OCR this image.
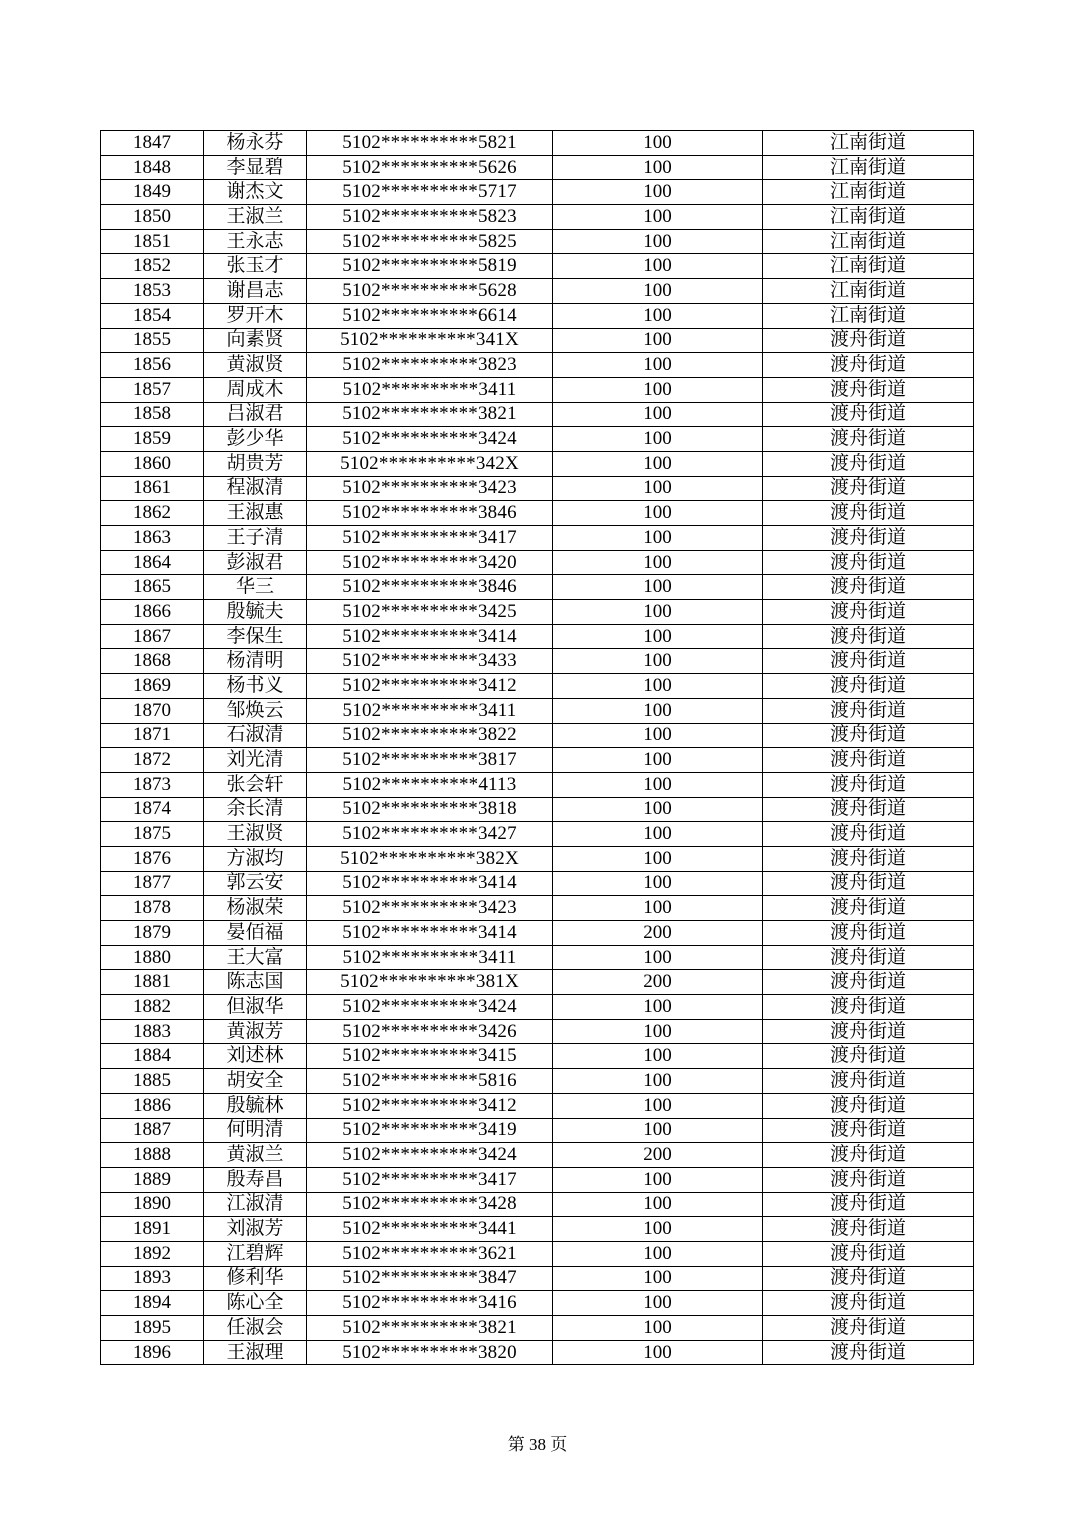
1847	杨永芬	5102**********5821	100	江南街道
1848	李显碧	5102**********5626	100	江南街道
1849	谢杰文	5102**********5717	100	江南街道
1850	王淑兰	5102**********5823	100	江南街道
1851	王永志	5102**********5825	100	江南街道
1852	张玉才	5102**********5819	100	江南街道
1853	谢昌志	5102**********5628	100	江南街道
1854	罗开木	5102**********6614	100	江南街道
1855	向素贤	5102**********341X	100	渡舟街道
1856	黄淑贤	5102**********3823	100	渡舟街道
1857	周成木	5102**********3411	100	渡舟街道
1858	吕淑君	5102**********3821	100	渡舟街道
1859	彭少华	5102**********3424	100	渡舟街道
1860	胡贵芳	5102**********342X	100	渡舟街道
1861	程淑清	5102**********3423	100	渡舟街道
1862	王淑惠	5102**********3846	100	渡舟街道
1863	王子清	5102**********3417	100	渡舟街道
1864	彭淑君	5102**********3420	100	渡舟街道
1865	华三	5102**********3846	100	渡舟街道
1866	殷毓夫	5102**********3425	100	渡舟街道
1867	李保生	5102**********3414	100	渡舟街道
1868	杨清明	5102**********3433	100	渡舟街道
1869	杨书义	5102**********3412	100	渡舟街道
1870	邹焕云	5102**********3411	100	渡舟街道
1871	石淑清	5102**********3822	100	渡舟街道
1872	刘光清	5102**********3817	100	渡舟街道
1873	张会轩	5102**********4113	100	渡舟街道
1874	余长清	5102**********3818	100	渡舟街道
1875	王淑贤	5102**********3427	100	渡舟街道
1876	方淑均	5102**********382X	100	渡舟街道
1877	郭云安	5102**********3414	100	渡舟街道
1878	杨淑荣	5102**********3423	100	渡舟街道
1879	晏佰福	5102**********3414	200	渡舟街道
1880	王大富	5102**********3411	100	渡舟街道
1881	陈志国	5102**********381X	200	渡舟街道
1882	但淑华	5102**********3424	100	渡舟街道
1883	黄淑芳	5102**********3426	100	渡舟街道
1884	刘述林	5102**********3415	100	渡舟街道
1885	胡安全	5102**********5816	100	渡舟街道
1886	殷毓林	5102**********3412	100	渡舟街道
1887	何明清	5102**********3419	100	渡舟街道
1888	黄淑兰	5102**********3424	200	渡舟街道
1889	殷寿昌	5102**********3417	100	渡舟街道
1890	江淑清	5102**********3428	100	渡舟街道
1891	刘淑芳	5102**********3441	100	渡舟街道
1892	江碧辉	5102**********3621	100	渡舟街道
1893	修利华	5102**********3847	100	渡舟街道
1894	陈心全	5102**********3416	100	渡舟街道
1895	任淑会	5102**********3821	100	渡舟街道
1896	王淑理	5102**********3820	100	渡舟街道
第 38 页
